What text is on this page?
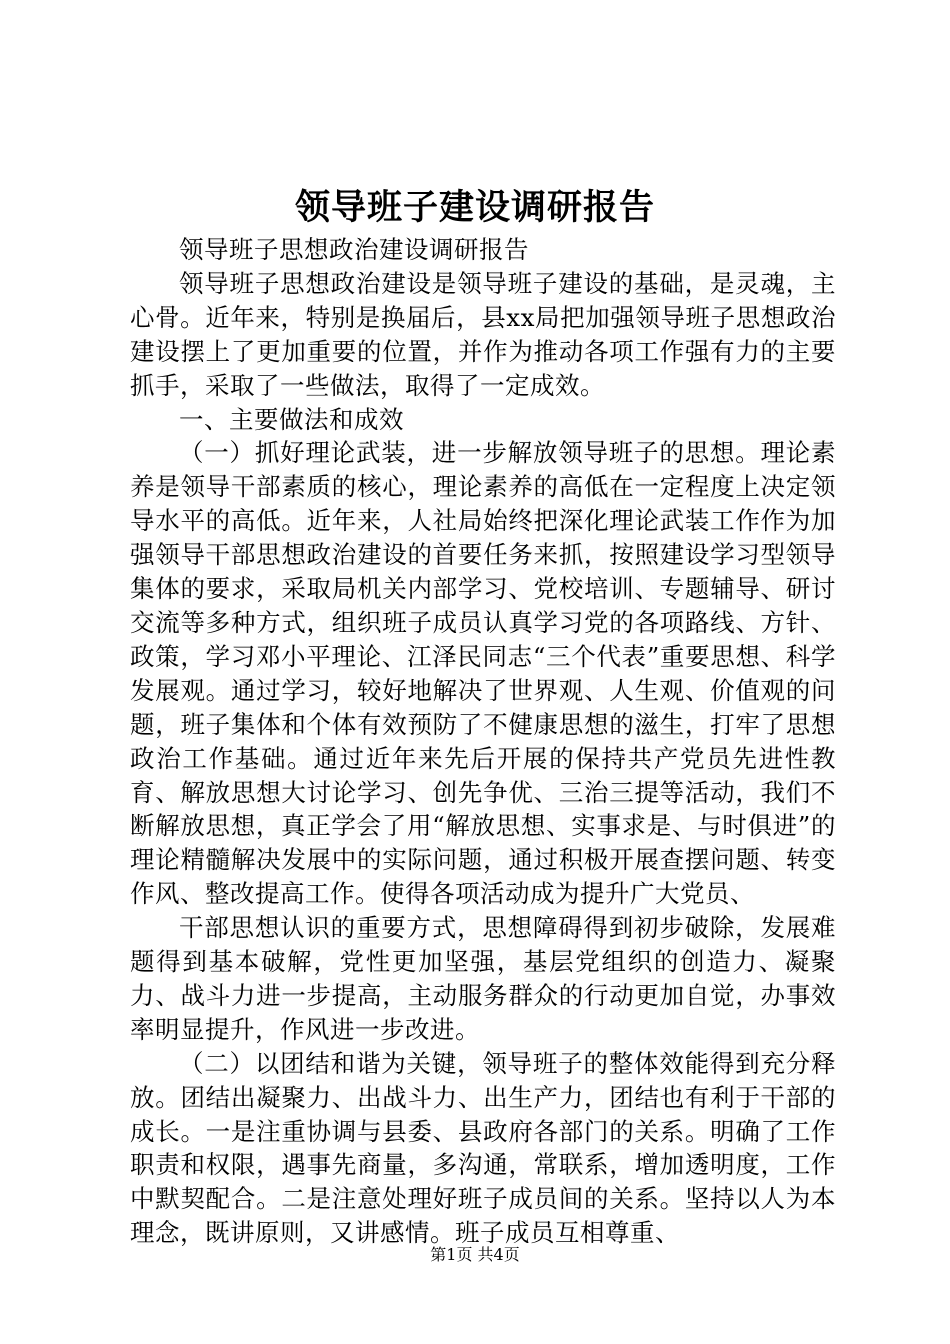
领导班子建设调研报告

领导班子思想政治建设调研报告

领导班子思想政治建设是领导班子建设的基础，是灵魂，主心骨。近年来，特别是换届后，县xx局把加强领导班子思想政治建设摆上了更加重要的位置，并作为推动各项工作强有力的主要抓手，采取了一些做法，取得了一定成效。

一、主要做法和成效

（一）抓好理论武装，进一步解放领导班子的思想。理论素养是领导干部素质的核心，理论素养的高低在一定程度上决定领导水平的高低。近年来，人社局始终把深化理论武装工作作为加强领导干部思想政治建设的首要任务来抓，按照建设学习型领导集体的要求，采取局机关内部学习、党校培训、专题辅导、研讨交流等多种方式，组织班子成员认真学习党的各项路线、方针、政策，学习邓小平理论、江泽民同志“三个代表”重要思想、科学发展观。通过学习，较好地解决了世界观、人生观、价值观的问题，班子集体和个体有效预防了不健康思想的滋生，打牢了思想政治工作基础。通过近年来先后开展的保持共产党员先进性教育、解放思想大讨论学习、创先争优、三治三提等活动，我们不断解放思想，真正学会了用“解放思想、实事求是、与时俱进”的理论精髓解决发展中的实际问题，通过积极开展查摆问题、转变作风、整改提高工作。使得各项活动成为提升广大党员、

干部思想认识的重要方式，思想障碍得到初步破除，发展难题得到基本破解，党性更加坚强，基层党组织的创造力、凝聚力、战斗力进一步提高，主动服务群众的行动更加自觉，办事效率明显提升，作风进一步改进。

（二）以团结和谐为关键，领导班子的整体效能得到充分释放。团结出凝聚力、出战斗力、出生产力，团结也有利于干部的成长。一是注重协调与县委、县政府各部门的关系。明确了工作职责和权限，遇事先商量，多沟通，常联系，增加透明度，工作中默契配合。二是注意处理好班子成员间的关系。坚持以人为本理念，既讲原则，又讲感情。班子成员互相尊重、

第1页 共4页
